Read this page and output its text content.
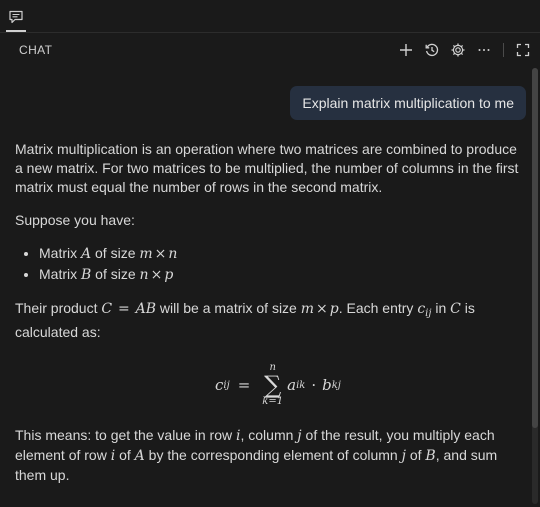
CHAT
Explain matrix multiplication to me

Matrix multiplication is an operation where two matrices are combined to produce a new matrix. For two matrices to be multiplied, the number of columns in the first matrix must equal the number of rows in the second matrix.

Suppose you have:

• Matrix A of size m × n
• Matrix B of size n × p

Their product C = AB will be a matrix of size m × p. Each entry $c_{ij}$ in C is calculated as:

c ij =
n
∑
k=1
a ik · b kj

This means: to get the value in row i, column j of the result, you multiply each element of row i of A by the corresponding element of column j of B, and sum them up.
